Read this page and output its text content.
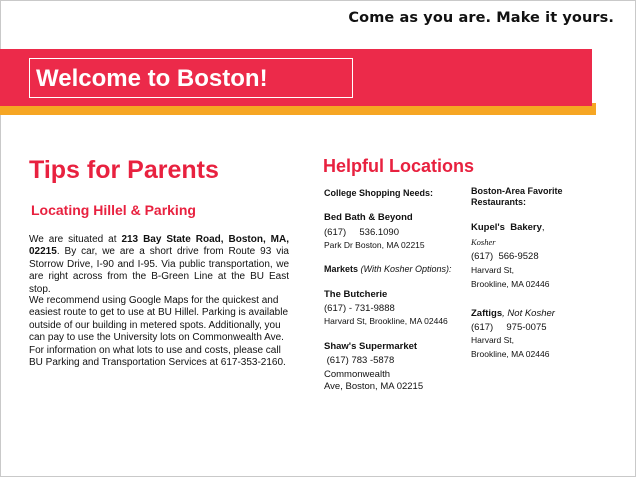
Come as you are. Make it yours.
Welcome to Boston!
Tips for Parents
Locating Hillel & Parking
We are situated at 213 Bay State Road, Boston, MA, 02215. By car, we are a short drive from Route 93 via Storrow Drive, I-90 and I-95. Via public transportation, we are right across from the B-Green Line at the BU East stop.
We recommend using Google Maps for the quickest and easiest route to get to use at BU Hillel. Parking is available outside of our building in metered spots. Additionally, you can pay to use the University lots on Commonwealth Ave. For information on what lots to use and costs, please call BU Parking and Transportation Services at 617-353-2160.
Helpful Locations
College Shopping Needs:
Bed Bath & Beyond
(617)     536.1090
Park Dr Boston, MA 02215
Markets (With Kosher Options):
The Butcherie
(617) - 731-9888
Harvard St, Brookline, MA 02446
Shaw's Supermarket
(617) 783 -5878
Commonwealth
Ave, Boston, MA 02215
Boston-Area Favorite
Restaurants:
Kupel's  Bakery,
Kosher
(617)  566-9528
Harvard St,
Brookline, MA 02446
Zaftigs, Not Kosher
(617)     975-0075
Harvard St,
Brookline, MA 02446
